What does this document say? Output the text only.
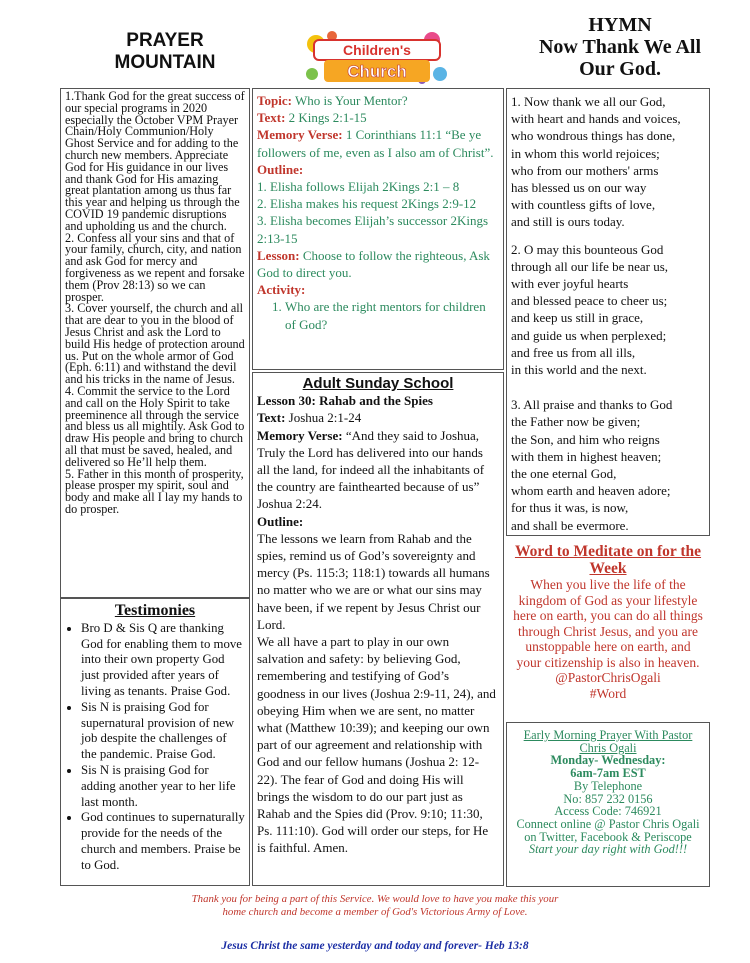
PRAYER
MOUNTAIN
Children's
Church
HYMN
Now Thank We All
Our God.

1.Thank God for the great success of our special programs in 2020 especially the October VPM Prayer Chain/Holy Communion/Holy Ghost Service and for adding to the church new members. Appreciate God for His guidance in our lives and thank God for His amazing great plantation among us thus far this year and helping us through the COVID 19 pandemic disruptions and upholding us and the church.

2. Confess all your sins and that of your family, church, city, and nation and ask God for mercy and forgiveness as we repent and forsake them (Prov 28:13) so we can prosper.

3. Cover yourself, the church and all that are dear to you in the blood of Jesus Christ and ask the Lord to build His hedge of protection around us. Put on the whole armor of God (Eph. 6:11) and withstand the devil and his tricks in the name of Jesus.

4. Commit the service to the Lord and call on the Holy Spirit to take preeminence all through the service and bless us all mightily. Ask God to draw His people and bring to church all that must be saved, healed, and delivered so He’ll help them.

5. Father in this month of prosperity, please prosper my spirit, soul and body and make all I lay my hands to do prosper.

Testimonies
• Bro D & Sis Q are thanking God for enabling them to move into their own property God just provided after years of living as tenants. Praise God.
• Sis N is praising God for supernatural provision of new job despite the challenges of the pandemic. Praise God.
• Sis N is praising God for adding another year to her life last month.
• God continues to supernaturally provide for the needs of the church and members. Praise be to God.
Topic: Who is Your Mentor?
Text: 2 Kings 2:1-15
Memory Verse: 1 Corinthians 11:1 “Be ye followers of me, even as I also am of Christ”.
Outline:
1. Elisha follows Elijah 2Kings 2:1 – 8
2. Elisha makes his request 2Kings 2:9-12
3. Elisha becomes Elijah’s successor 2Kings 2:13-15
Lesson: Choose to follow the righteous, Ask God to direct you.
Activity:
1. Who are the right mentors for children of God?
Adult Sunday School

Lesson 30: Rahab and the Spies

Text: Joshua 2:1-24

Memory Verse: “And they said to Joshua, Truly the Lord has delivered into our hands all the land, for indeed all the inhabitants of the country are fainthearted because of us” Joshua 2:24.

Outline:

The lessons we learn from Rahab and the spies, remind us of God’s sovereignty and mercy (Ps. 115:3; 118:1) towards all humans no matter who we are or what our sins may have been, if we repent by Jesus Christ our Lord.

We all have a part to play in our own salvation and safety: by believing God, remembering and testifying of God’s goodness in our lives (Joshua 2:9-11, 24), and obeying Him when we are sent, no matter what (Matthew 10:39); and keeping our own part of our agreement and relationship with God and our fellow humans (Joshua 2: 12-22). The fear of God and doing His will brings the wisdom to do our part just as Rahab and the Spies did (Prov. 9:10; 11:30, Ps. 111:10). God will order our steps, for He is faithful. Amen.

1. Now thank we all our God,
with heart and hands and voices,
who wondrous things has done,
in whom this world rejoices;
who from our mothers' arms
has blessed us on our way
with countless gifts of love,
and still is ours today.
2. O may this bounteous God
through all our life be near us,
with ever joyful hearts
and blessed peace to cheer us;
and keep us still in grace,
and guide us when perplexed;
and free us from all ills,
in this world and the next.
3. All praise and thanks to God
the Father now be given;
the Son, and him who reigns
with them in highest heaven;
the one eternal God,
whom earth and heaven adore;
for thus it was, is now,
and shall be evermore.
Word to Meditate on for the Week
When you live the life of the kingdom of God as your lifestyle here on earth, you can do all things through Christ Jesus, and you are unstoppable here on earth, and your citizenship is also in heaven.
@PastorChrisOgali
#Word
Early Morning Prayer With Pastor Chris Ogali
Monday- Wednesday:
6am-7am EST
By Telephone
No: 857 232 0156
Access Code: 746921
Connect online @ Pastor Chris Ogali on Twitter, Facebook & Periscope
Start your day right with God!!!
Thank you for being a part of this Service. We would love to have you make this your home church and become a member of God's Victorious Army of Love.
Jesus Christ the same yesterday and today and forever- Heb 13:8
